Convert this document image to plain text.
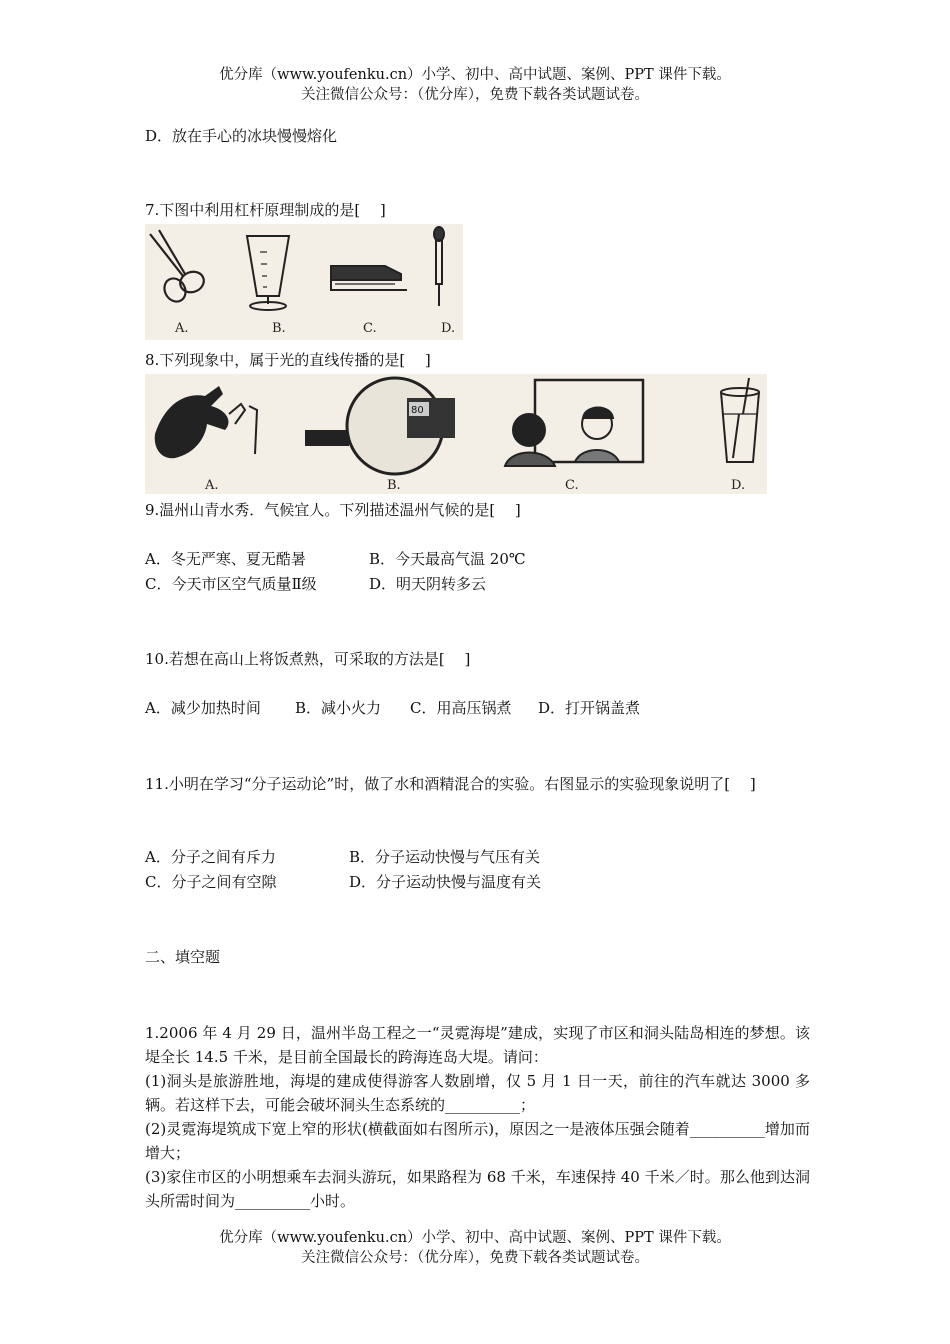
优分库（www.youfenku.cn）小学、初中、高中试题、案例、PPT 课件下载。
关注微信公众号：（优分库），免费下载各类试题试卷。
D．放在手心的冰块慢慢熔化
7.下图中利用杠杆原理制成的是[　 ]
A.	B.	C.	D.
8.下列现象中，属于光的直线传播的是[　 ]
A.
80
B.	C.	D.
9.温州山青水秀．气候宜人。下列描述温州气候的是[　 ]
A．冬无严寒、夏无酷暑	B．今天最高气温 20℃
C．今天市区空气质量Ⅱ级	D．明天阴转多云
10.若想在高山上将饭煮熟，可采取的方法是[　 ]
A．减少加热时间 B．减小火力 C．用高压锅煮 D．打开锅盖煮
11.小明在学习“分子运动论”时，做了水和酒精混合的实验。右图显示的实验现象说明了[　 ]
A．分子之间有斥力	B．分子运动快慢与气压有关
C．分子之间有空隙	D．分子运动快慢与温度有关
二、填空题

1.2006 年 4 月 29 日，温州半岛工程之一“灵霓海堤”建成，实现了市区和洞头陆岛相连的梦想。该堤全长 14.5 千米，是目前全国最长的跨海连岛大堤。请问：

(1)洞头是旅游胜地，海堤的建成使得游客人数剧增，仅 5 月 1 日一天，前往的汽车就达 3000 多辆。若这样下去，可能会破坏洞头生态系统的__________；

(2)灵霓海堤筑成下宽上窄的形状(横截面如右图所示)，原因之一是液体压强会随着__________增加而增大；

(3)家住市区的小明想乘车去洞头游玩，如果路程为 68 千米，车速保持 40 千米／时。那么他到达洞头所需时间为__________小时。

优分库（www.youfenku.cn）小学、初中、高中试题、案例、PPT 课件下载。
关注微信公众号：（优分库），免费下载各类试题试卷。
